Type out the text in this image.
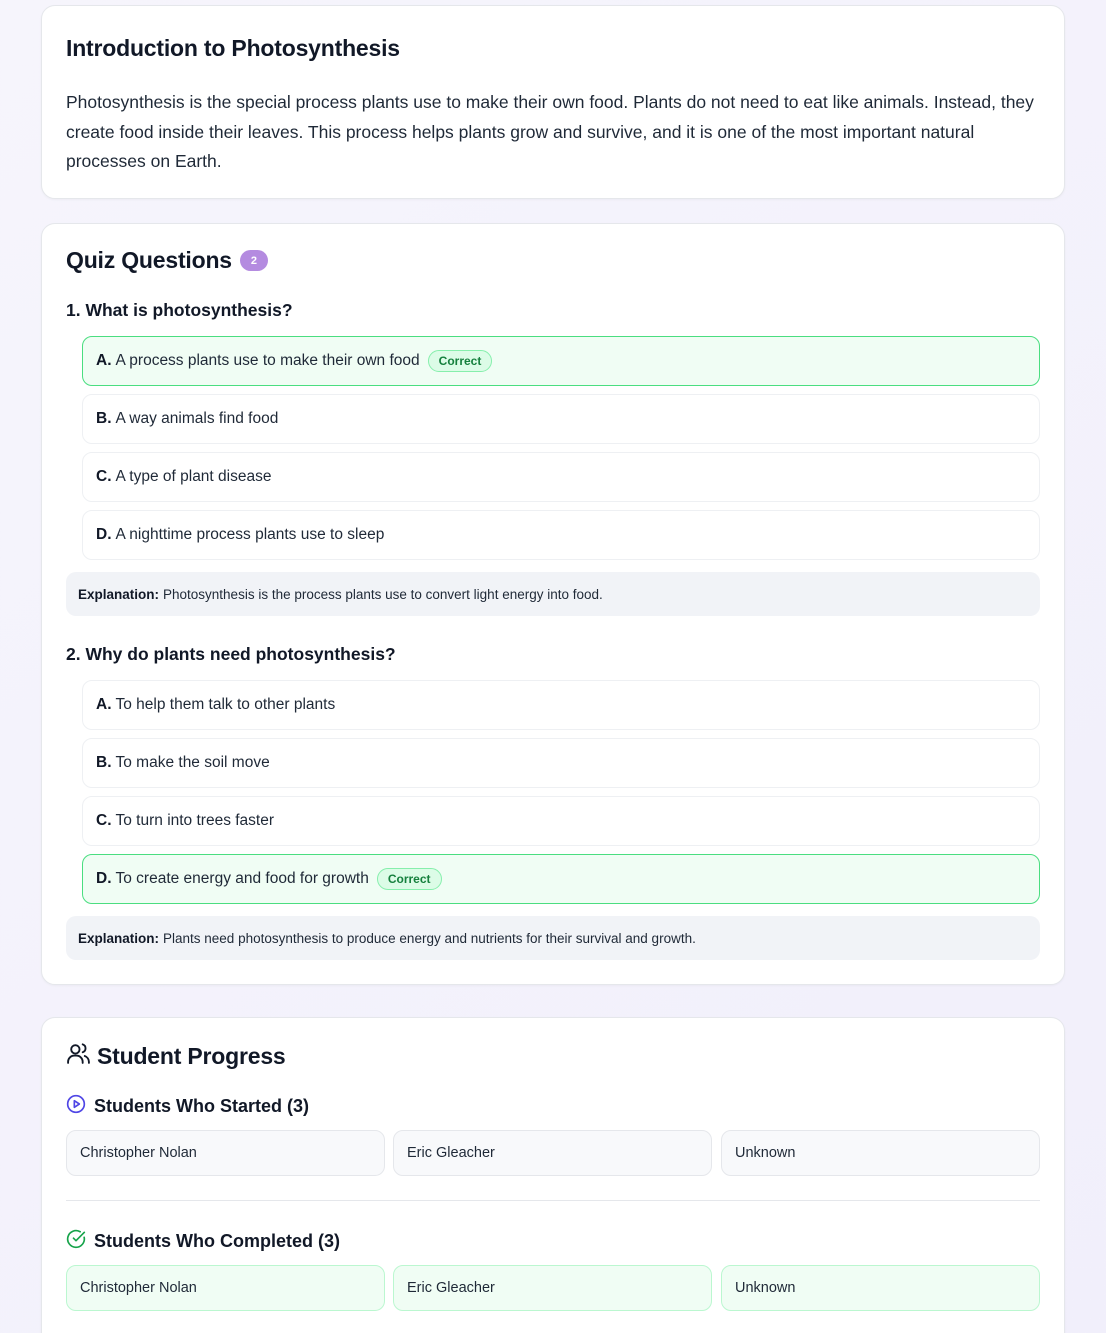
Introduction to Photosynthesis

Photosynthesis is the special process plants use to make their own food. Plants do not need to eat like animals. Instead, they create food inside their leaves. This process helps plants grow and survive, and it is one of the most important natural processes on Earth.

Quiz Questions	2
1. What is photosynthesis?
A. A process plants use to make their own food	Correct
B. A way animals find food
C. A type of plant disease
D. A nighttime process plants use to sleep
Explanation: Photosynthesis is the process plants use to convert light energy into food.
2. Why do plants need photosynthesis?
A. To help them talk to other plants
B. To make the soil move
C. To turn into trees faster
D. To create energy and food for growth	Correct
Explanation: Plants need photosynthesis to produce energy and nutrients for their survival and growth.
Student Progress
Students Who Started (3)
Christopher Nolan	Eric Gleacher	Unknown
Students Who Completed (3)
Christopher Nolan	Eric Gleacher	Unknown
